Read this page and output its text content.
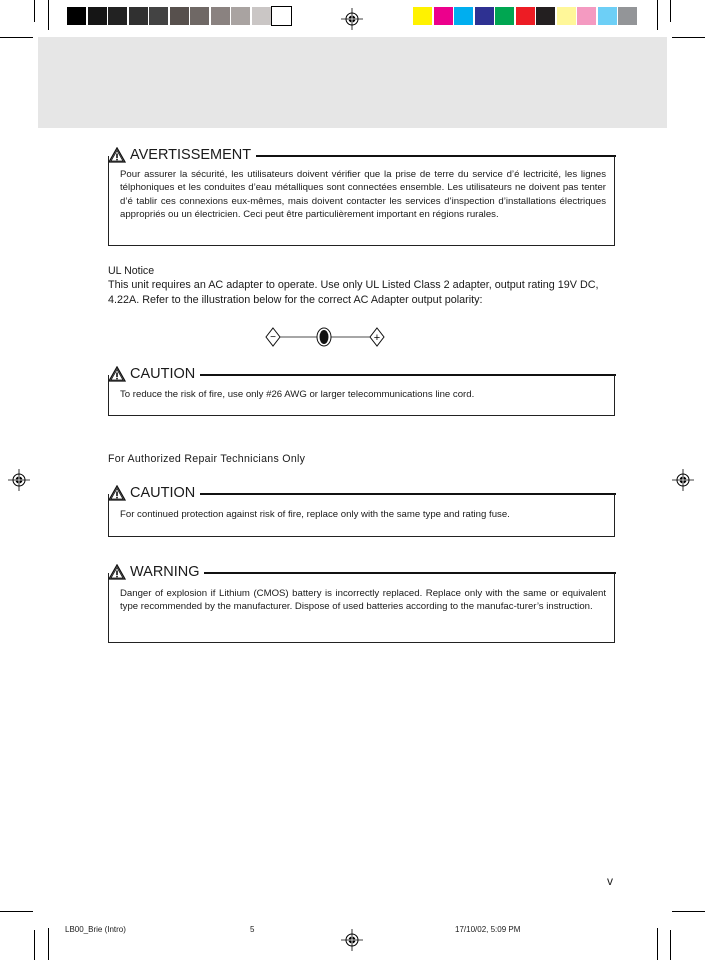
AVERTISSEMENT
Pour assurer la sécurité, les utilisateurs doivent vérifier que la prise de terre du service d’é lectricité, les lignes télphoniques et les conduites d’eau métalliques sont connectées ensemble. Les utilisateurs ne doivent pas tenter d’é tablir ces connexions eux-mêmes, mais doivent contacter les services d’inspection d’installations électriques appropriés ou un électricien. Ceci peut être particulièrement important en régions rurales.
UL Notice
This unit requires an AC adapter to operate. Use only UL Listed Class 2 adapter, output rating 19V DC, 4.22A. Refer to the illustration below for the correct AC Adapter output polarity:
−	+
CAUTION
To reduce the risk of fire, use only #26 AWG or larger telecommunications line cord.
For Authorized Repair Technicians Only
CAUTION
For continued protection against risk of fire, replace only with the same type and rating fuse.
WARNING
Danger of explosion if Lithium (CMOS) battery is incorrectly replaced. Replace only with the same or equivalent type recommended by the manufacturer. Dispose of used batteries according to the manufac-turer’s instruction.
v
LB00_Brie (Intro)	5	17/10/02, 5:09 PM
